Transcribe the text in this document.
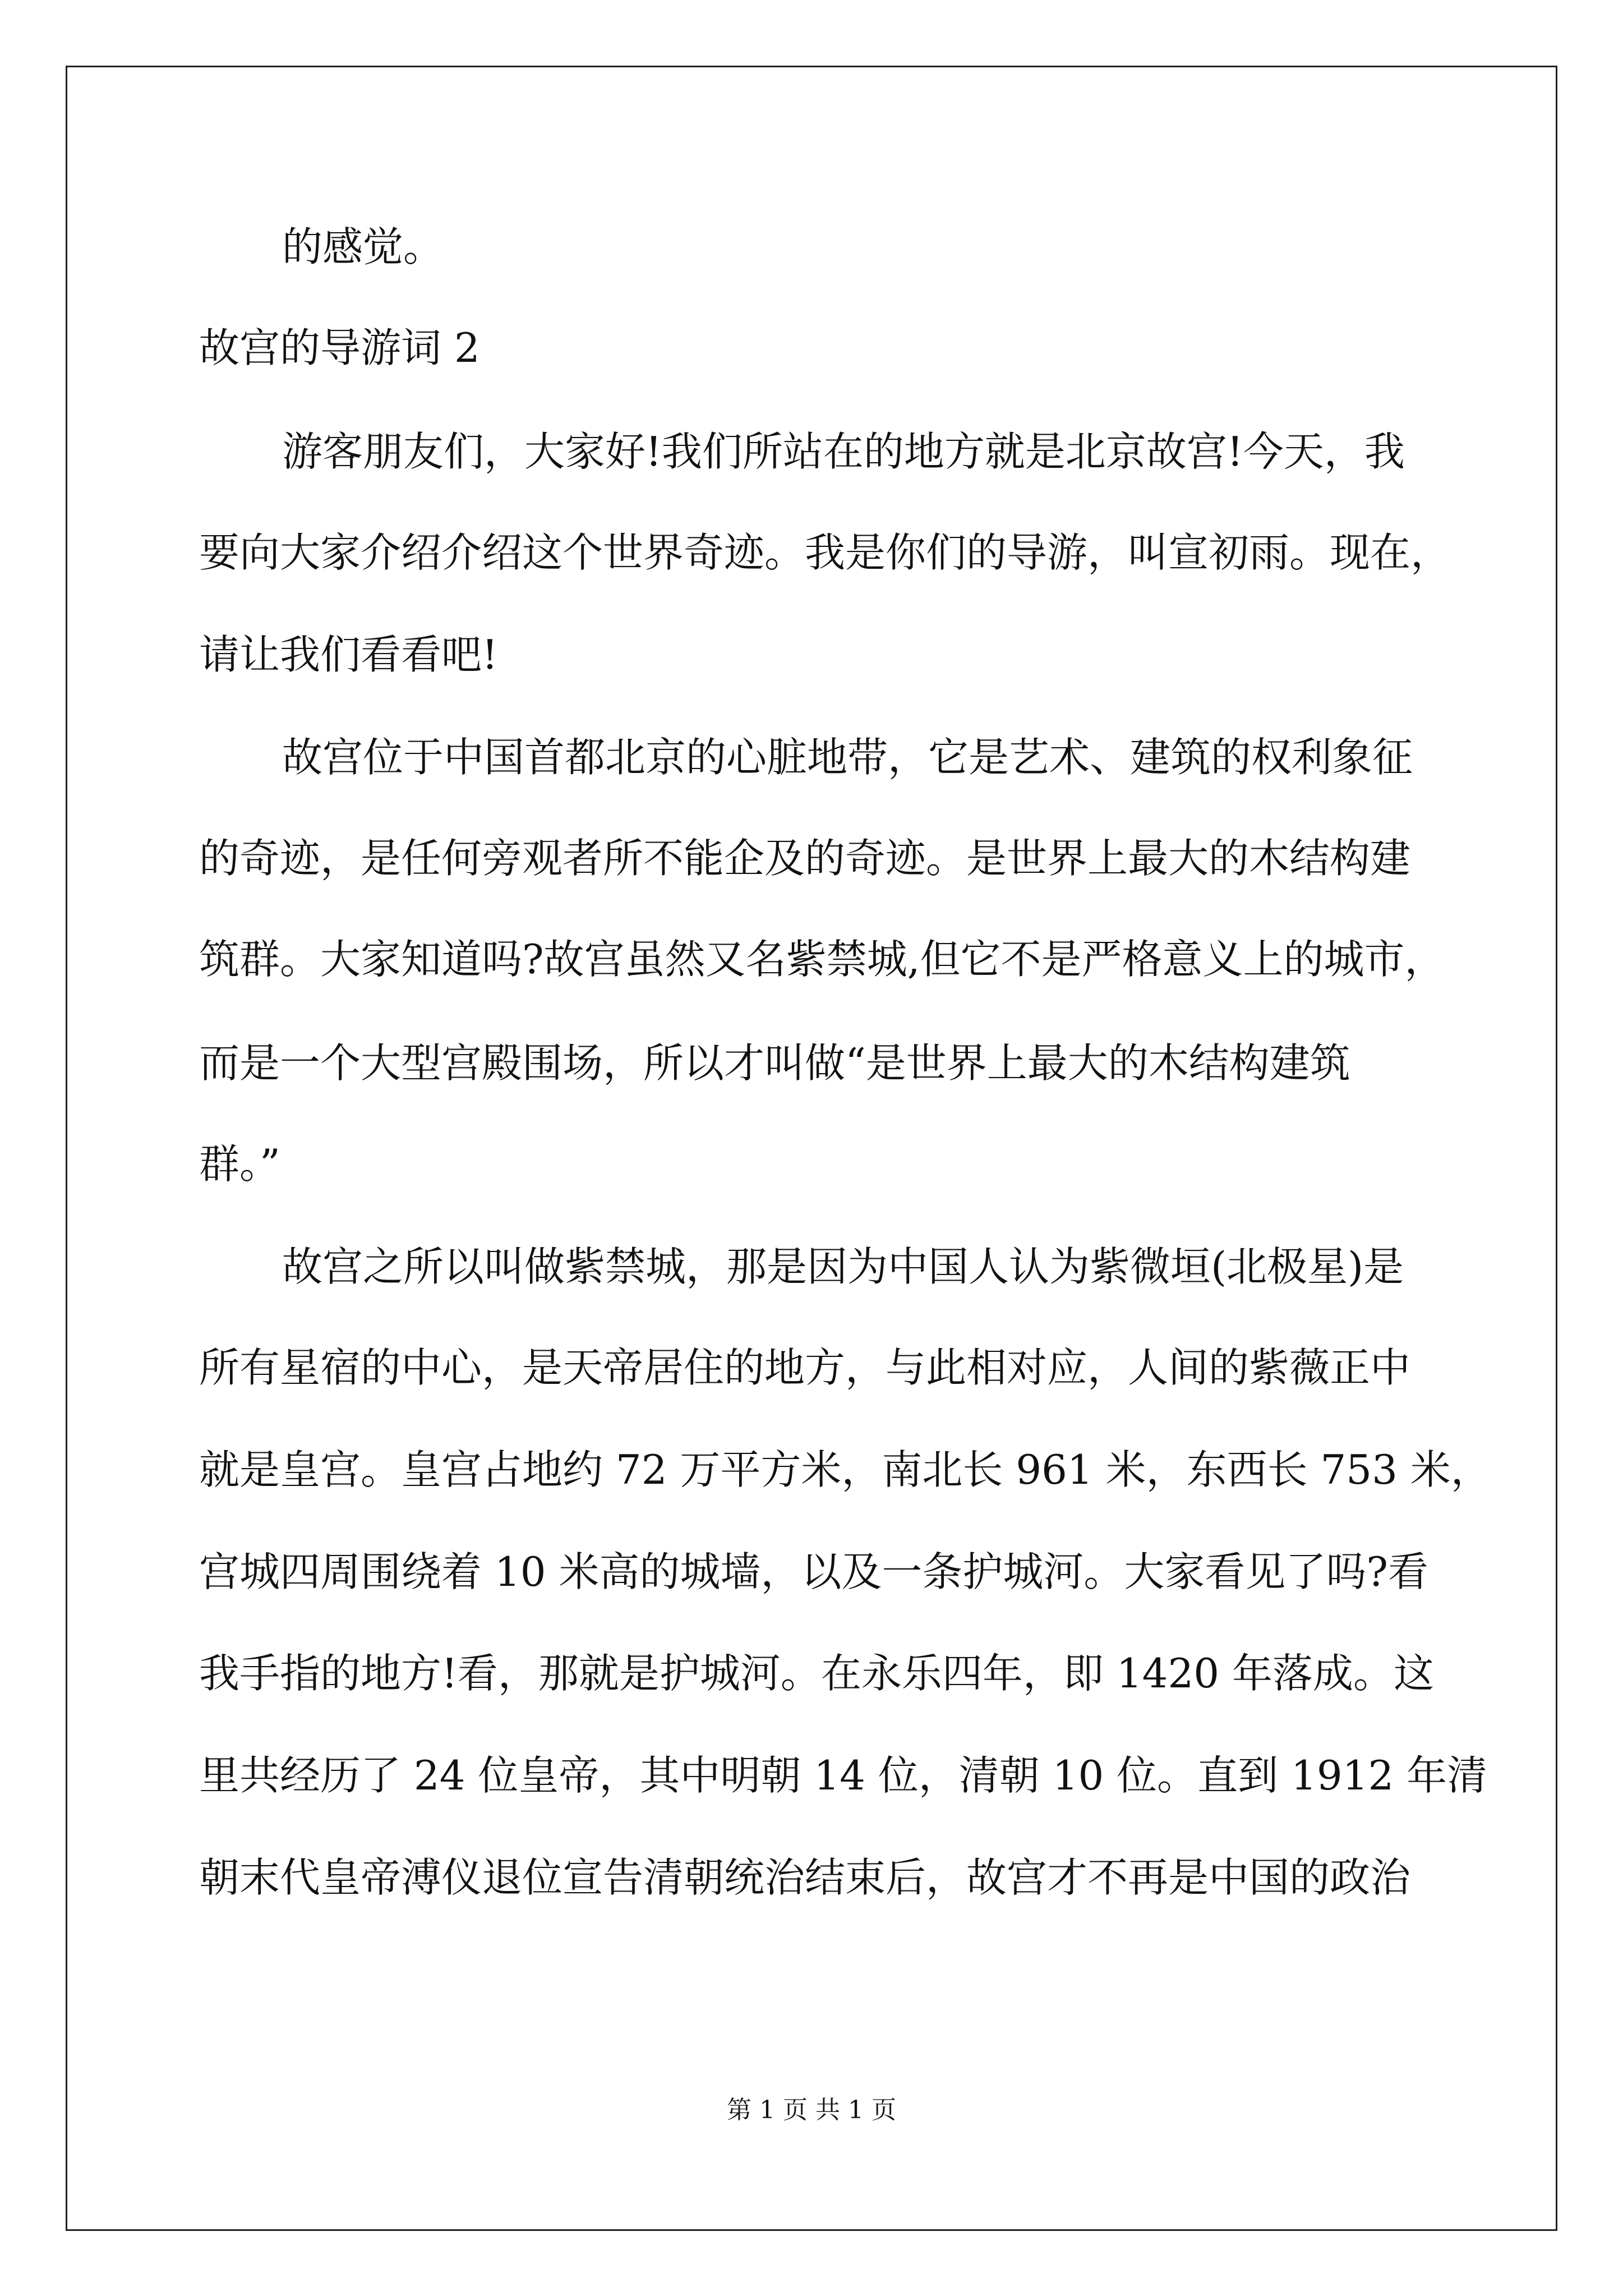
的感觉。
故宫的导游词 2
游客朋友们，大家好!我们所站在的地方就是北京故宫!今天，我
要向大家介绍介绍这个世界奇迹。我是你们的导游，叫宣初雨。现在，
请让我们看看吧!
故宫位于中国首都北京的心脏地带，它是艺术、建筑的权利象征
的奇迹，是任何旁观者所不能企及的奇迹。是世界上最大的木结构建
筑群。大家知道吗?故宫虽然又名紫禁城,但它不是严格意义上的城市，
而是一个大型宫殿围场，所以才叫做“是世界上最大的木结构建筑
群。”
故宫之所以叫做紫禁城，那是因为中国人认为紫微垣(北极星)是
所有星宿的中心，是天帝居住的地方，与此相对应，人间的紫薇正中
就是皇宫。皇宫占地约 72 万平方米，南北长 961 米，东西长 753 米，
宫城四周围绕着 10 米高的城墙，以及一条护城河。大家看见了吗?看
我手指的地方!看，那就是护城河。在永乐四年，即 1420 年落成。这
里共经历了 24 位皇帝，其中明朝 14 位，清朝 10 位。直到 1912 年清
朝末代皇帝溥仪退位宣告清朝统治结束后，故宫才不再是中国的政治
第 1 页 共 1 页
